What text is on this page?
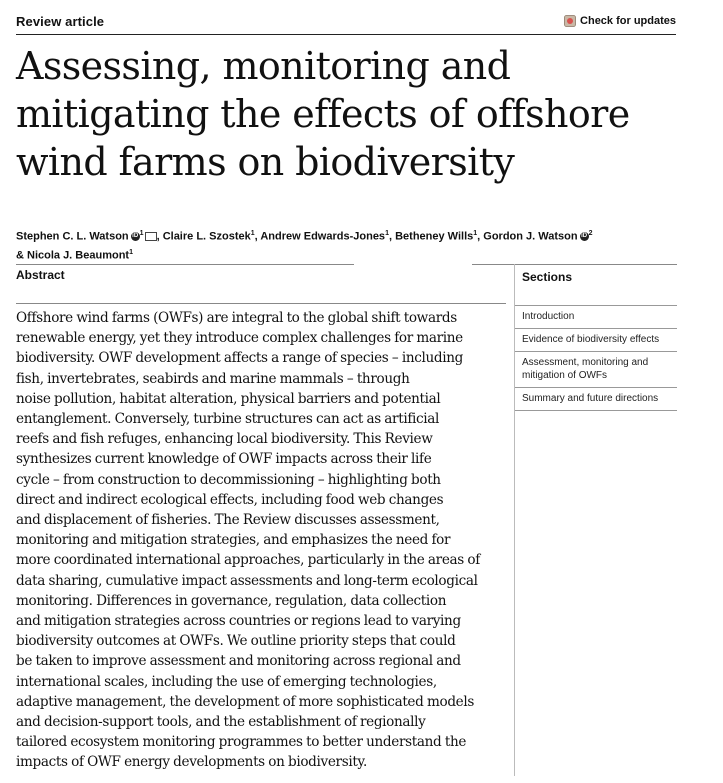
Review article	Check for updates
Assessing, monitoring and
mitigating the effects of offshore
wind farms on biodiversity
Stephen C. L. Watson iD $^1$ , Claire L. Szostek$^1$, Andrew Edwards-Jones$^1$, Betheney Wills$^1$, Gordon J. Watson iD $^2$
& Nicola J. Beaumont$^1$
Abstract
Offshore wind farms (OWFs) are integral to the global shift towards
renewable energy, yet they introduce complex challenges for marine
biodiversity. OWF development affects a range of species – including
fish, invertebrates, seabirds and marine mammals – through
noise pollution, habitat alteration, physical barriers and potential
entanglement. Conversely, turbine structures can act as artificial
reefs and fish refuges, enhancing local biodiversity. This Review
synthesizes current knowledge of OWF impacts across their life
cycle – from construction to decommissioning – highlighting both
direct and indirect ecological effects, including food web changes
and displacement of fisheries. The Review discusses assessment,
monitoring and mitigation strategies, and emphasizes the need for
more coordinated international approaches, particularly in the areas of
data sharing, cumulative impact assessments and long-term ecological
monitoring. Differences in governance, regulation, data collection
and mitigation strategies across countries or regions lead to varying
biodiversity outcomes at OWFs. We outline priority steps that could
be taken to improve assessment and monitoring across regional and
international scales, including the use of emerging technologies,
adaptive management, the development of more sophisticated models
and decision-support tools, and the establishment of regionally
tailored ecosystem monitoring programmes to better understand the
impacts of OWF energy developments on biodiversity.
Sections
Introduction
Evidence of biodiversity effects
Assessment, monitoring and mitigation of OWFs
Summary and future directions
